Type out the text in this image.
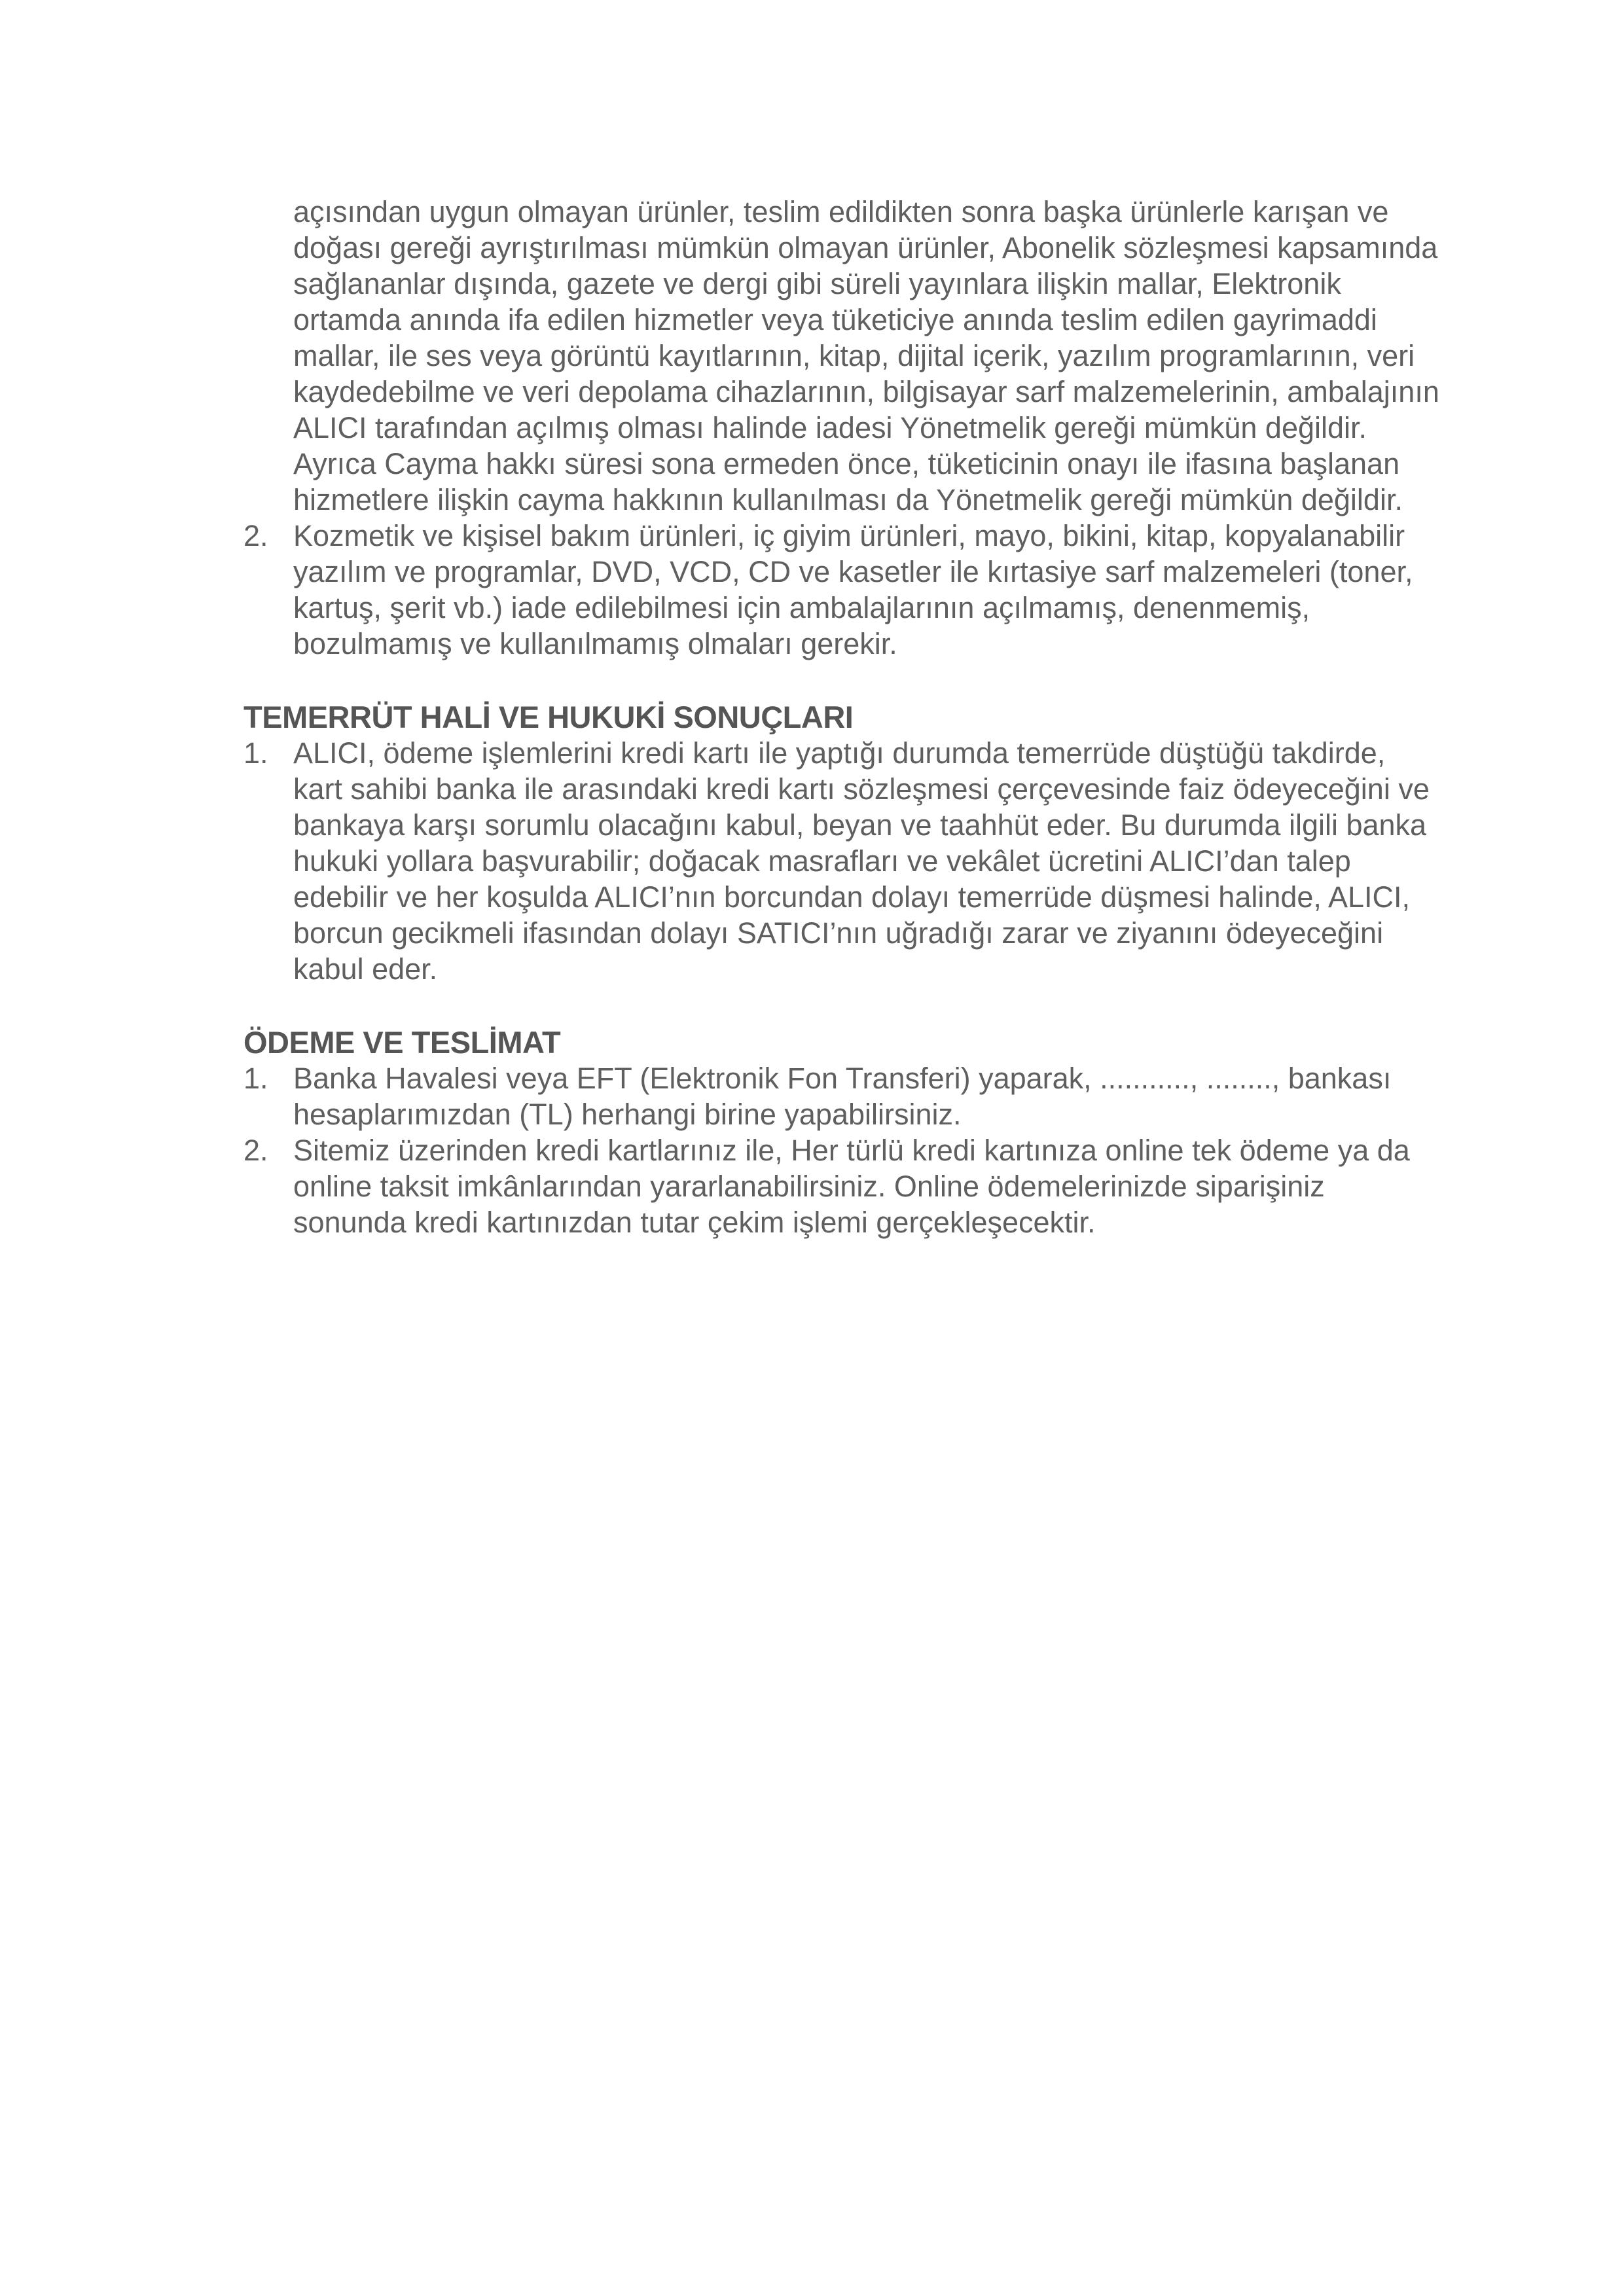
açısından uygun olmayan ürünler, teslim edildikten sonra başka ürünlerle karışan ve doğası gereği ayrıştırılması mümkün olmayan ürünler, Abonelik sözleşmesi kapsamında sağlananlar dışında, gazete ve dergi gibi süreli yayınlara ilişkin mallar, Elektronik ortamda anında ifa edilen hizmetler veya tüketiciye anında teslim edilen gayrimaddi mallar, ile ses veya görüntü kayıtlarının, kitap, dijital içerik, yazılım programlarının, veri kaydedebilme ve veri depolama cihazlarının, bilgisayar sarf malzemelerinin, ambalajının ALICI tarafından açılmış olması halinde iadesi Yönetmelik gereği mümkün değildir. Ayrıca Cayma hakkı süresi sona ermeden önce, tüketicinin onayı ile ifasına başlanan hizmetlere ilişkin cayma hakkının kullanılması da Yönetmelik gereği mümkün değildir.

2. Kozmetik ve kişisel bakım ürünleri, iç giyim ürünleri, mayo, bikini, kitap, kopyalanabilir yazılım ve programlar, DVD, VCD, CD ve kasetler ile kırtasiye sarf malzemeleri (toner, kartuş, şerit vb.) iade edilebilmesi için ambalajlarının açılmamış, denenmemiş, bozulmamış ve kullanılmamış olmaları gerekir.
TEMERRÜT HALİ VE HUKUKİ SONUÇLARI
1. ALICI, ödeme işlemlerini kredi kartı ile yaptığı durumda temerrüde düştüğü takdirde, kart sahibi banka ile arasındaki kredi kartı sözleşmesi çerçevesinde faiz ödeyeceğini ve bankaya karşı sorumlu olacağını kabul, beyan ve taahhüt eder. Bu durumda ilgili banka hukuki yollara başvurabilir; doğacak masrafları ve vekâlet ücretini ALICI’dan talep edebilir ve her koşulda ALICI’nın borcundan dolayı temerrüde düşmesi halinde, ALICI, borcun gecikmeli ifasından dolayı SATICI’nın uğradığı zarar ve ziyanını ödeyeceğini kabul eder.
ÖDEME VE TESLİMAT
1. Banka Havalesi veya EFT (Elektronik Fon Transferi) yaparak, ..........., ........, bankası hesaplarımızdan (TL) herhangi birine yapabilirsiniz.
2. Sitemiz üzerinden kredi kartlarınız ile, Her türlü kredi kartınıza online tek ödeme ya da online taksit imkânlarından yararlanabilirsiniz. Online ödemelerinizde siparişiniz sonunda kredi kartınızdan tutar çekim işlemi gerçekleşecektir.
